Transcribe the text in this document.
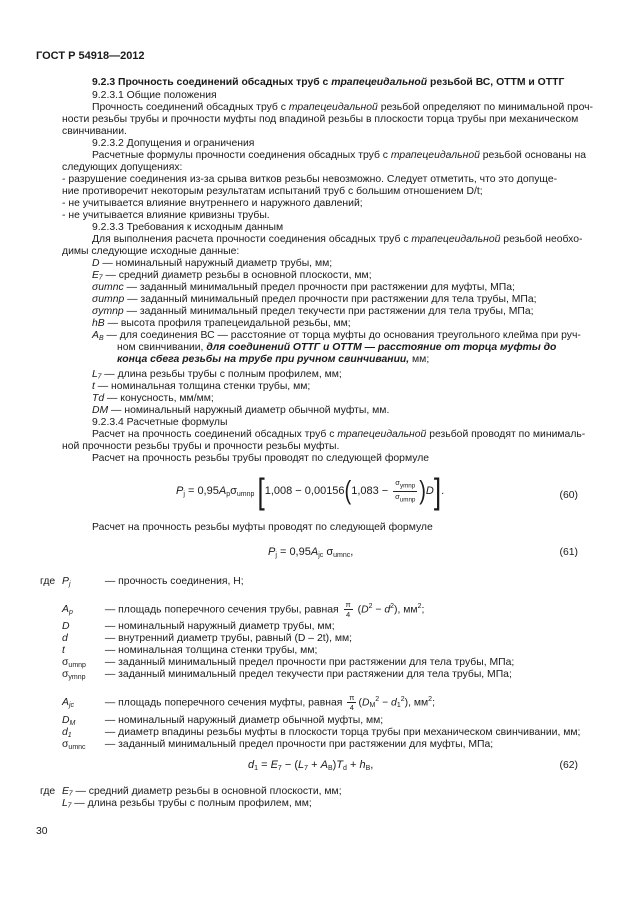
ГОСТ Р 54918—2012
9.2.3 Прочность соединений обсадных труб с трапецеидальной резьбой ВС, ОТТМ и ОТТГ
9.2.3.1 Общие положения
Прочность соединений обсадных труб с трапецеидальной резьбой определяют по минимальной проч-
ности резьбы трубы и прочности муфты под впадиной резьбы в плоскости торца трубы при механическом
свинчивании.
9.2.3.2 Допущения и ограничения
Расчетные формулы прочности соединения обсадных труб с трапецеидальной резьбой основаны на
следующих допущениях:
- разрушение соединения из-за срыва витков резьбы невозможно. Следует отметить, что это допуще-
ние противоречит некоторым результатам испытаний труб с большим отношением D/t;
- не учитывается влияние внутреннего и наружного давлений;
- не учитывается влияние кривизны трубы.
9.2.3.3 Требования к исходным данным
Для выполнения расчета прочности соединения обсадных труб с трапецеидальной резьбой необхо-
димы следующие исходные данные:
D — номинальный наружный диаметр трубы, мм;
E₇ — средний диаметр резьбы в основной плоскости, мм;
σumnc — заданный минимальный предел прочности при растяжении для муфты, МПа;
σumnp — заданный минимальный предел прочности при растяжении для тела трубы, МПа;
σymnp — заданный минимальный предел текучести при растяжении для тела трубы, МПа;
hB — высота профиля трапецеидальной резьбы, мм;
AB — для соединения ВС — расстояние от торца муфты до основания треугольного клейма при руч-
ном свинчивании, для соединений ОТТГ и ОТТМ — расстояние от торца муфты до
конца сбега резьбы на трубе при ручном свинчивании, мм;
L₇ — длина резьбы трубы с полным профилем, мм;
t — номинальная толщина стенки трубы, мм;
Td — конусность, мм/мм;
DM — номинальный наружный диаметр обычной муфты, мм.
9.2.3.4 Расчетные формулы
Расчет на прочность соединений обсадных труб с трапецеидальной резьбой проводят по минималь-
ной прочности резьбы трубы и прочности резьбы муфты.
Расчет на прочность резьбы трубы проводят по следующей формуле
Pj = 0,95Apσumnp $[1,008 - 0,00156(1,083 - \frac{\sigma_{ymnp}}{\sigma_{umnp}} )D]$.	(60)
Расчет на прочность резьбы муфты проводят по следующей формуле
Pj = 0,95Ajc σumnc,	(61)
где Pj	— прочность соединения, Н;
Ap	— площадь поперечного сечения трубы, равная $\frac{\pi}{4} (D^2 - d^2)$, $мм^2$;
D	— номинальный наружный диаметр трубы, мм;
d	— внутренний диаметр трубы, равный (D – 2t), мм;
t	— номинальная толщина стенки трубы, мм;
σumnp — заданный минимальный предел прочности при растяжении для тела трубы, МПа;
σymnp — заданный минимальный предел текучести при растяжении для тела трубы, МПа;
Ajc	— площадь поперечного сечения муфты, равная $\frac{\pi}{4} (DM^2 - d1^2)$, $мм^2$;
DM	— номинальный наружный диаметр обычной муфты, мм;
d1	— диаметр впадины резьбы муфты в плоскости торца трубы при механическом свинчивании, мм;
σumnc — заданный минимальный предел прочности при растяжении для муфты, МПа;
d1 = E7 − (L7 + AB)Td + hB,	(62)
где E₇ — средний диаметр резьбы в основной плоскости, мм;
L₇ — длина резьбы трубы с полным профилем, мм;
30
